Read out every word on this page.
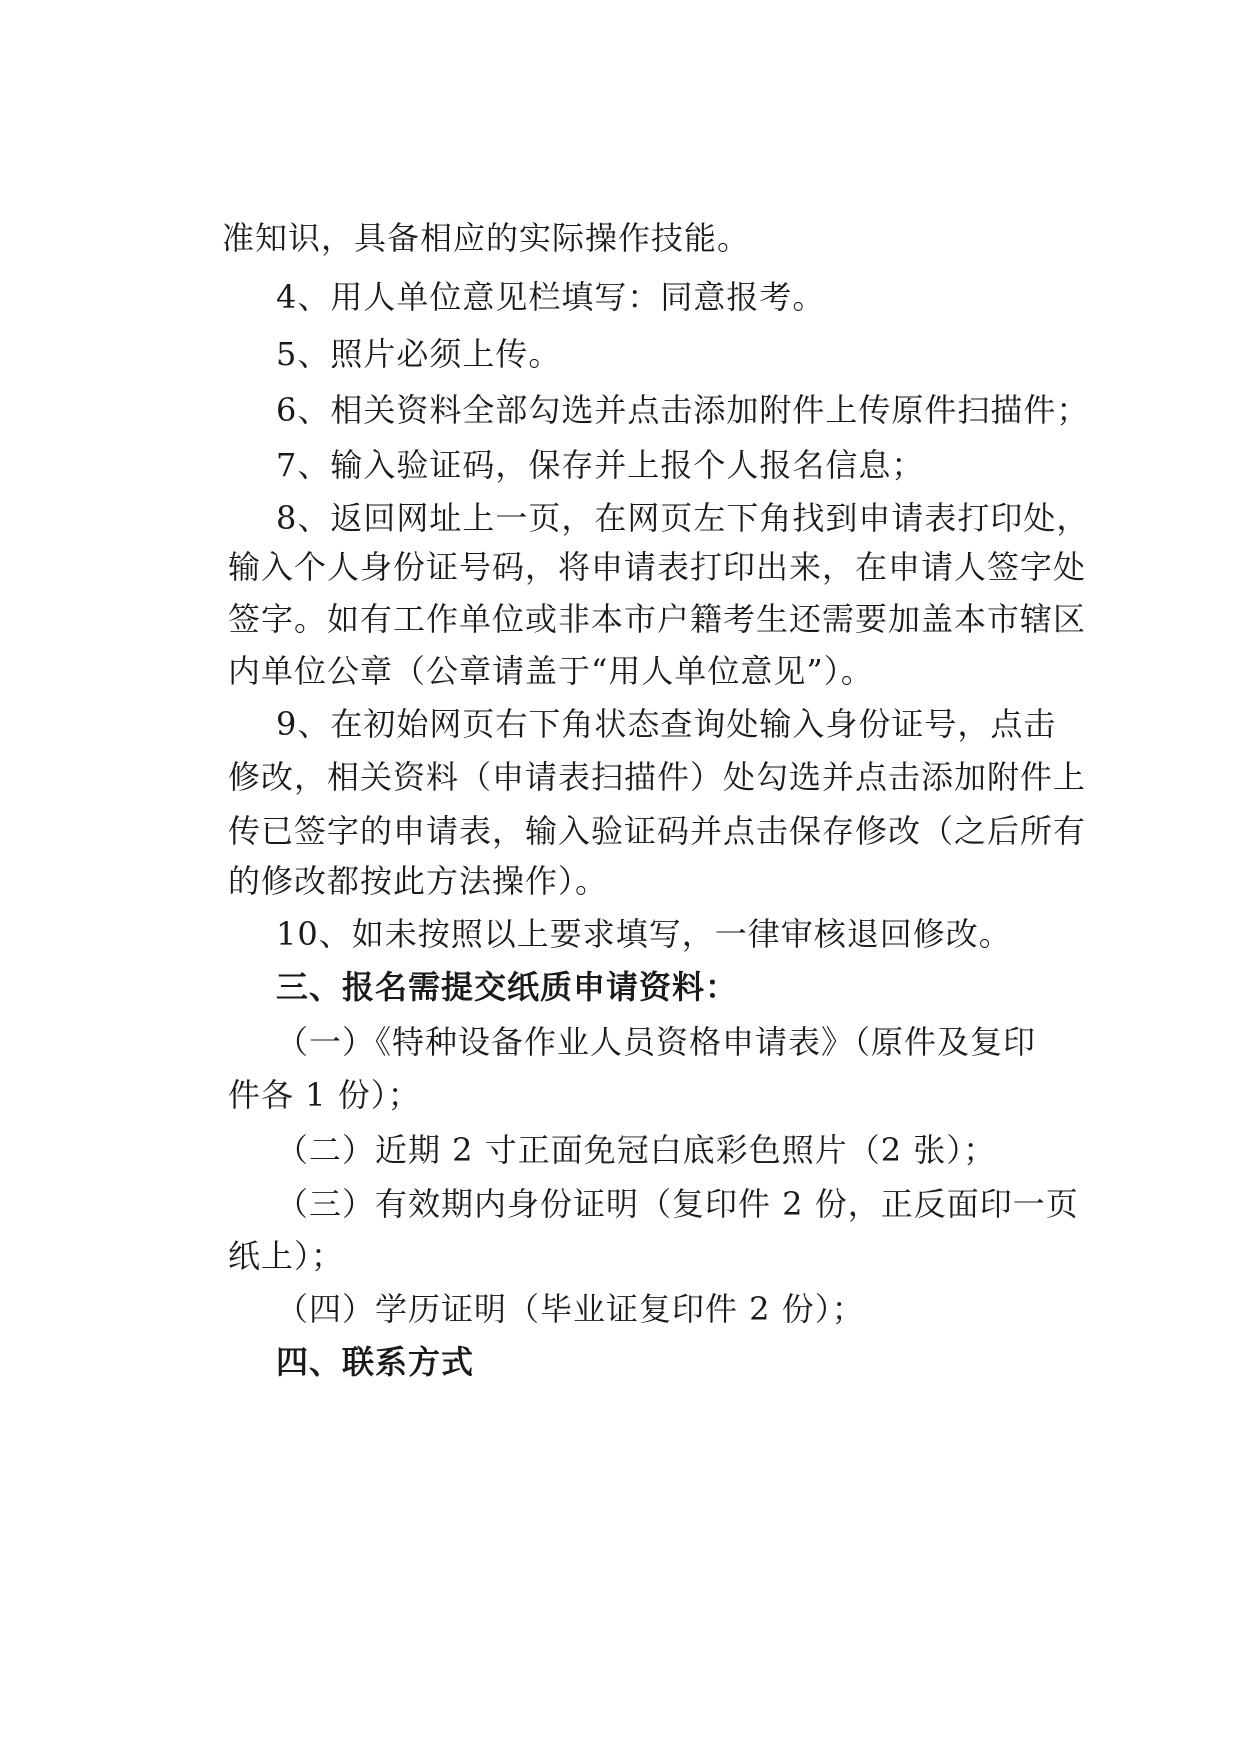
准知识，具备相应的实际操作技能。
4、用人单位意见栏填写：同意报考。
5、照片必须上传。
6、相关资料全部勾选并点击添加附件上传原件扫描件；
7、输入验证码，保存并上报个人报名信息；
8、返回网址上一页，在网页左下角找到申请表打印处，
输入个人身份证号码，将申请表打印出来，在申请人签字处
签字。如有工作单位或非本市户籍考生还需要加盖本市辖区
内单位公章（公章请盖于“用人单位意见”）。
9、在初始网页右下角状态查询处输入身份证号，点击
修改，相关资料（申请表扫描件）处勾选并点击添加附件上
传已签字的申请表，输入验证码并点击保存修改（之后所有
的修改都按此方法操作）。
10、如未按照以上要求填写，一律审核退回修改。
三、报名需提交纸质申请资料：
（一）《特种设备作业人员资格申请表》（原件及复印
件各 1 份）；
（二）近期 2 寸正面免冠白底彩色照片（2 张）；
（三）有效期内身份证明（复印件 2 份，正反面印一页
纸上）；
（四）学历证明（毕业证复印件 2 份）；
四、联系方式
